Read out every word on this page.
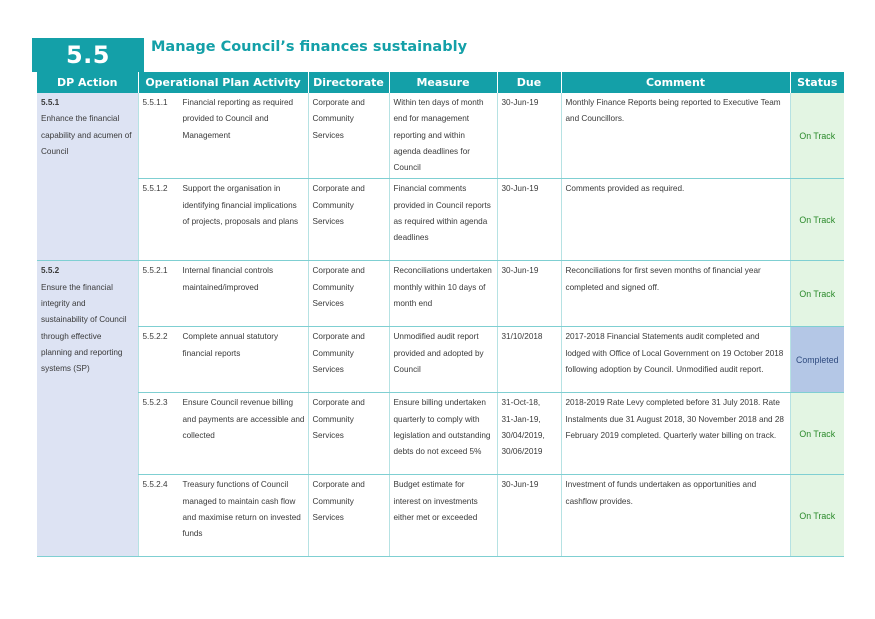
5.5	Manage Council’s finances sustainably
DP Action	Operational Plan Activity	Directorate	Measure	Due	Comment	Status

5.5.1
Enhance the financial capability and acumen of Council	5.5.1.1 Financial reporting as required provided to Council and Management	Corporate and Community Services	Within ten days of month end for management reporting and within agenda deadlines for Council	30-Jun-19	Monthly Finance Reports being reported to Executive Team and Councillors.	On Track

	5.5.1.2 Support the organisation in identifying financial implications of projects, proposals and plans	Corporate and Community Services	Financial comments provided in Council reports as required within agenda deadlines	30-Jun-19	Comments provided as required.	On Track

5.5.2
Ensure the financial integrity and sustainability of Council through effective planning and reporting systems (SP)	5.5.2.1 Internal financial controls maintained/improved	Corporate and Community Services	Reconciliations undertaken monthly within 10 days of month end	30-Jun-19	Reconciliations for first seven months of financial year completed and signed off.	On Track

	5.5.2.2 Complete annual statutory financial reports	Corporate and Community Services	Unmodified audit report provided and adopted by Council	31/10/2018	2017-2018 Financial Statements audit completed and lodged with Office of Local Government on 19 October 2018 following adoption by Council. Unmodified audit report.	Completed

	5.5.2.3 Ensure Council revenue billing and payments are accessible and collected	Corporate and Community Services	Ensure billing undertaken quarterly to comply with legislation and outstanding debts do not exceed 5%	31-Oct-18,
31-Jan-19,
30/04/2019,
30/06/2019	2018-2019 Rate Levy completed before 31 July 2018. Rate Instalments due 31 August 2018, 30 November 2018 and 28 February 2019 completed. Quarterly water billing on track.	On Track

	5.5.2.4 Treasury functions of Council managed to maintain cash flow and maximise return on invested funds	Corporate and Community Services	Budget estimate for interest on investments either met or exceeded	30-Jun-19	Investment of funds undertaken as opportunities and cashflow provides.	On Track
